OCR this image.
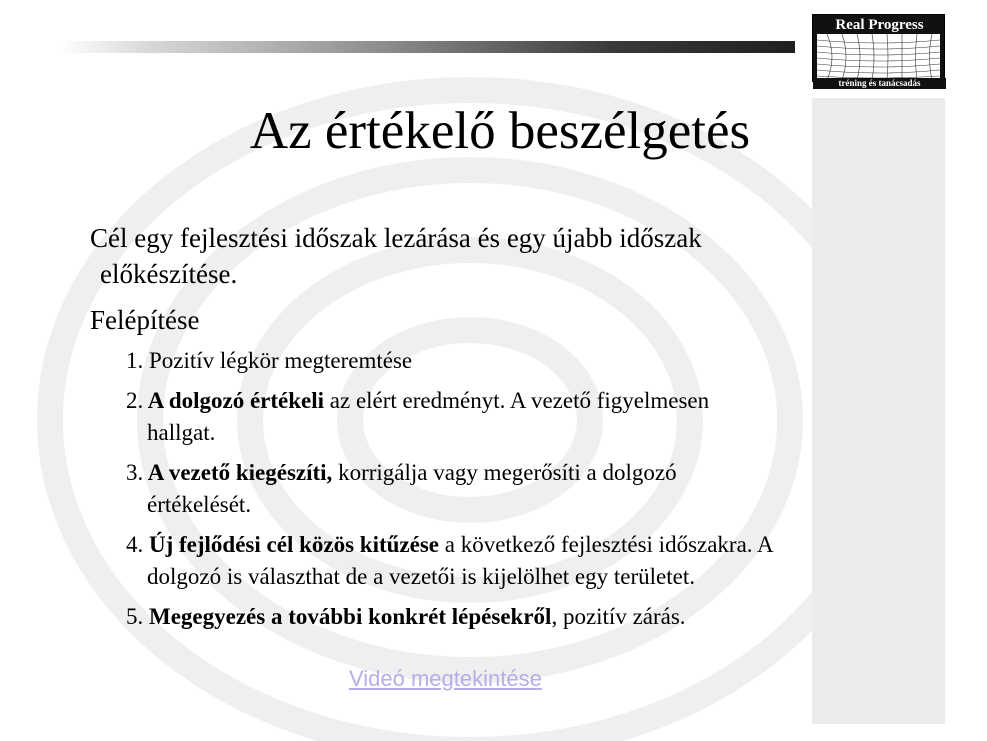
Real Progress
tréning és tanácsadás
Az értékelő beszélgetés

Cél egy fejlesztési időszak lezárása és egy újabb időszak
előkészítése.

Felépítése

1. Pozitív légkör megteremtése
2. A dolgozó értékeli az elért eredményt. A vezető figyelmesen
hallgat.
3. A vezető kiegészíti, korrigálja vagy megerősíti a dolgozó
értékelését.
4. Új fejlődési cél közös kitűzése a következő fejlesztési időszakra. A
dolgozó is választhat de a vezetői is kijelölhet egy területet.
5. Megegyezés a további konkrét lépésekről, pozitív zárás.
Videó megtekintése
